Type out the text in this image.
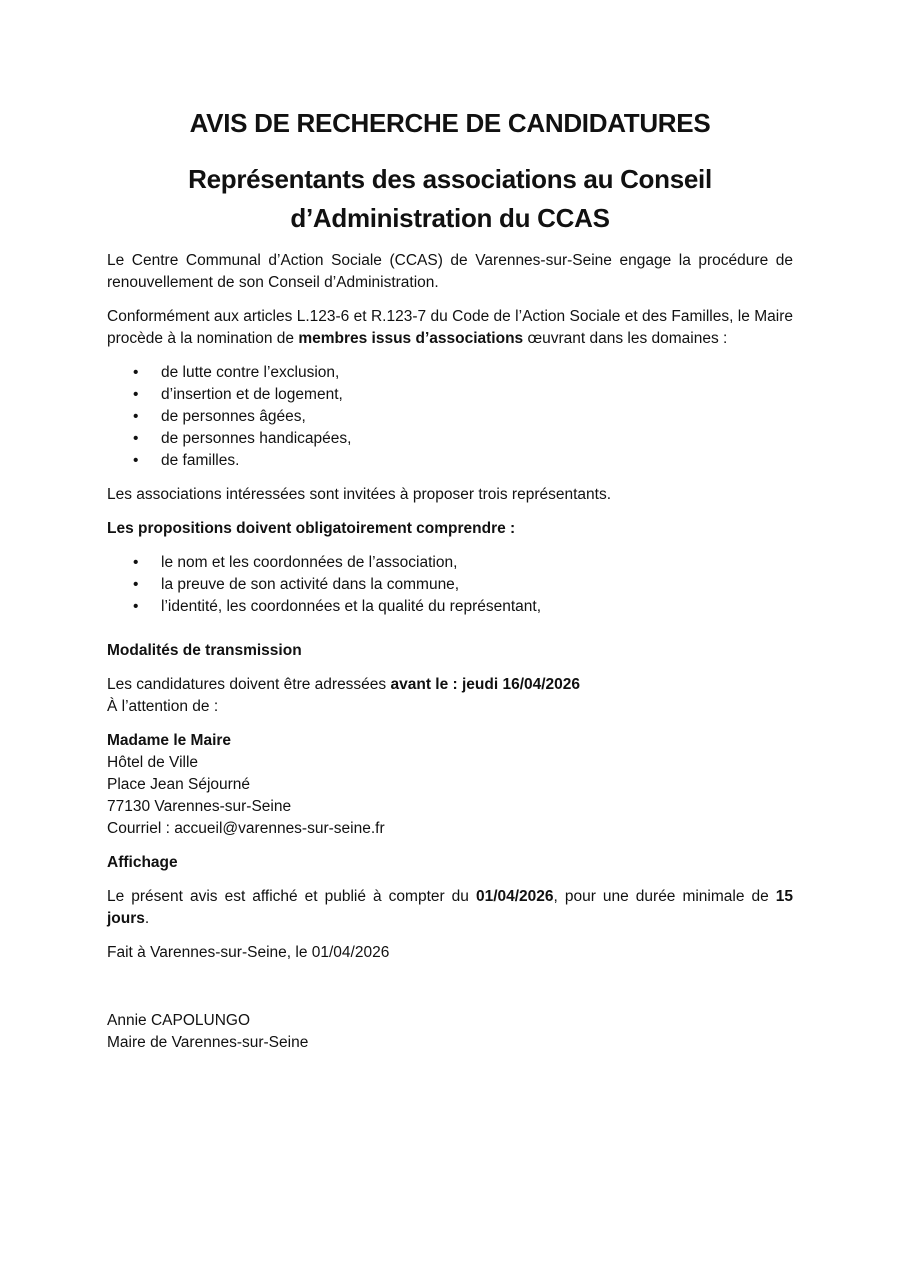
AVIS DE RECHERCHE DE CANDIDATURES
Représentants des associations au Conseil
d’Administration du CCAS
Le Centre Communal d’Action Sociale (CCAS) de Varennes-sur-Seine engage la procédure de renouvellement de son Conseil d’Administration.
Conformément aux articles L.123-6 et R.123-7 du Code de l’Action Sociale et des Familles, le Maire procède à la nomination de membres issus d’associations œuvrant dans les domaines :
• de lutte contre l’exclusion,
• d’insertion et de logement,
• de personnes âgées,
• de personnes handicapées,
• de familles.
Les associations intéressées sont invitées à proposer trois représentants.
Les propositions doivent obligatoirement comprendre :
• le nom et les coordonnées de l’association,
• la preuve de son activité dans la commune,
• l’identité, les coordonnées et la qualité du représentant,
Modalités de transmission
Les candidatures doivent être adressées avant le : jeudi 16/04/2026
À l’attention de :
Madame le Maire
Hôtel de Ville
Place Jean Séjourné
77130 Varennes-sur-Seine
Courriel : accueil@varennes-sur-seine.fr
Affichage
Le présent avis est affiché et publié à compter du 01/04/2026, pour une durée minimale de 15 jours.
Fait à Varennes-sur-Seine, le 01/04/2026
Annie CAPOLUNGO
Maire de Varennes-sur-Seine
